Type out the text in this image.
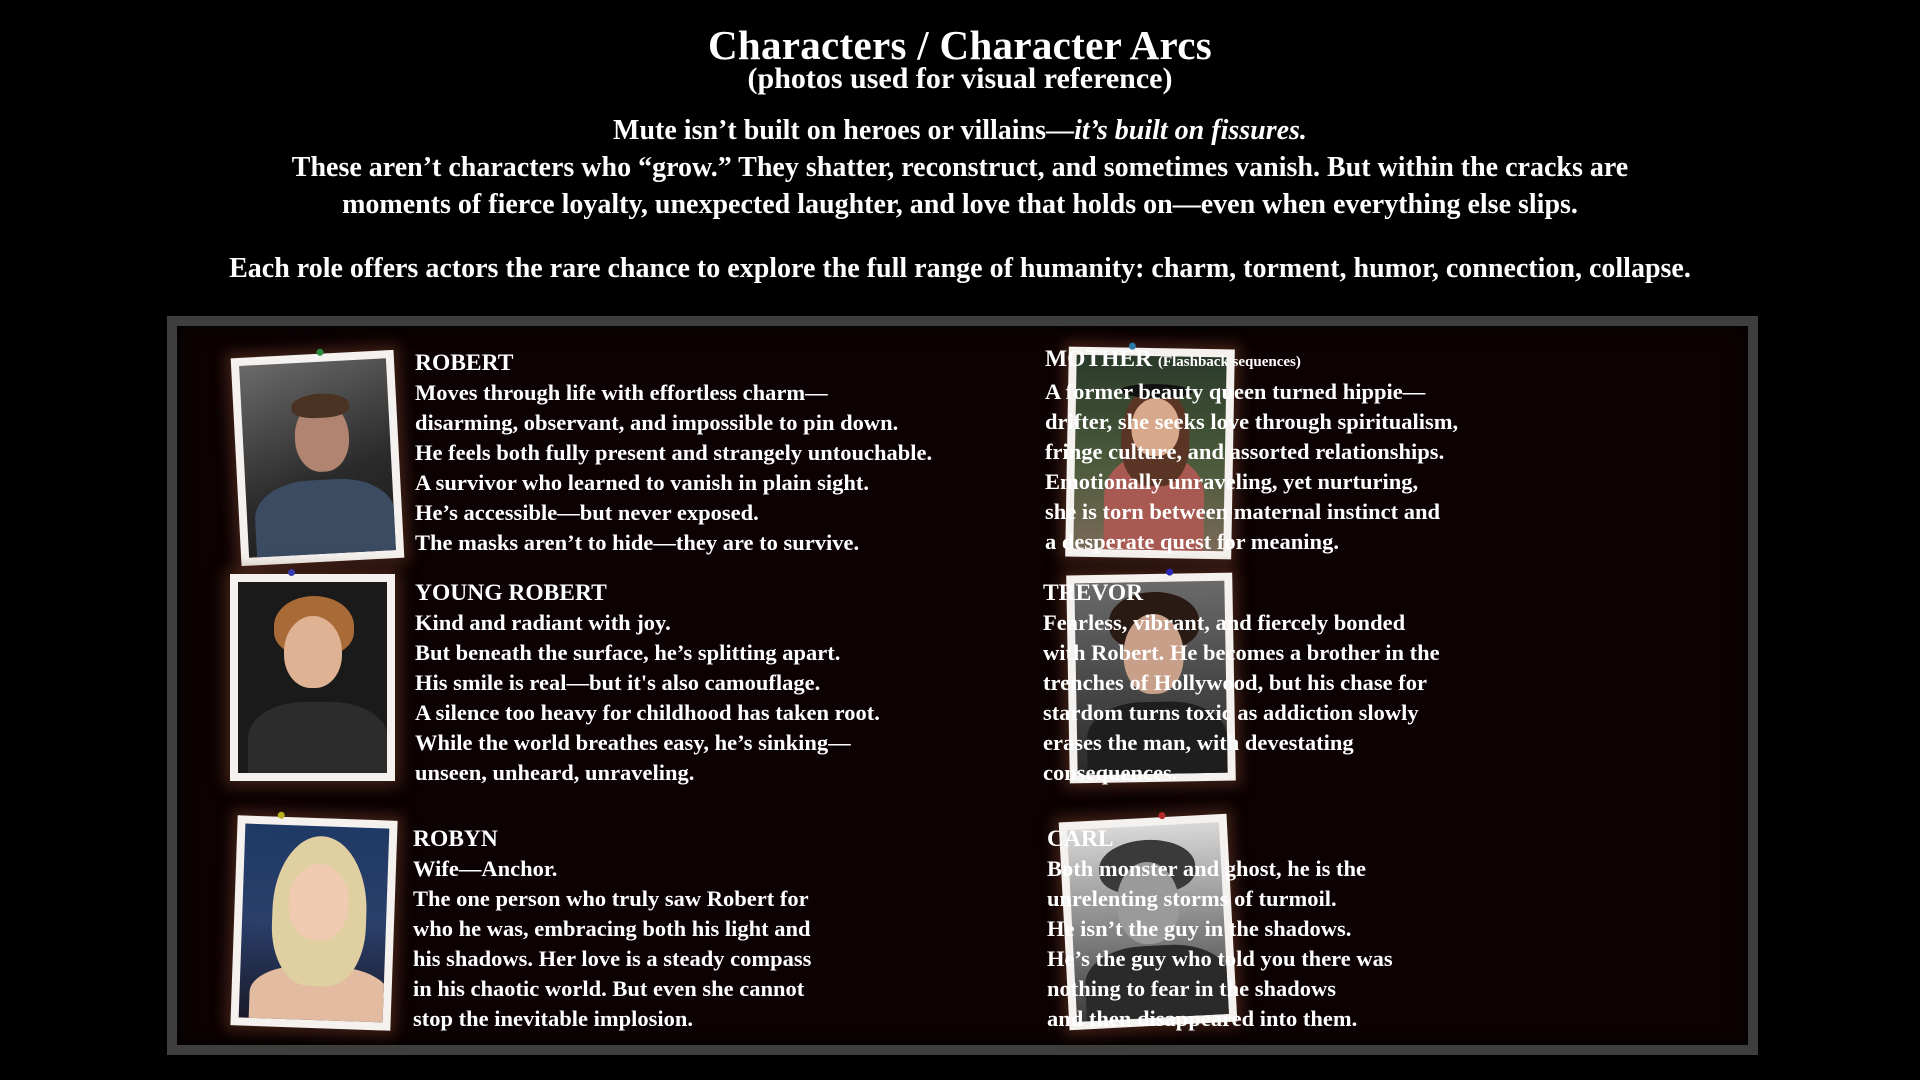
Characters / Character Arcs
(photos used for visual reference)
Mute isn’t built on heroes or villains—it’s built on fissures.
These aren’t characters who “grow.” They shatter, reconstruct, and sometimes vanish. But within the cracks are
moments of fierce loyalty, unexpected laughter, and love that holds on—even when everything else slips.
Each role offers actors the rare chance to explore the full range of humanity: charm, torment, humor, connection, collapse.
ROBERT
Moves through life with effortless charm—
disarming, observant, and impossible to pin down.
He feels both fully present and strangely untouchable.
A survivor who learned to vanish in plain sight.
He’s accessible—but never exposed.
The masks aren’t to hide—they are to survive.
YOUNG ROBERT
Kind and radiant with joy.
But beneath the surface, he’s splitting apart.
His smile is real—but it's also camouflage.
A silence too heavy for childhood has taken root.
While the world breathes easy, he’s sinking—
unseen, unheard, unraveling.
ROBYN
Wife—Anchor.
The one person who truly saw Robert for
who he was, embracing both his light and
his shadows. Her love is a steady compass
in his chaotic world. But even she cannot
stop the inevitable implosion.
MOTHER (Flashback sequences)
A former beauty queen turned hippie—
drifter, she seeks love through spiritualism,
fringe culture, and assorted relationships.
Emotionally unraveling, yet nurturing,
she is torn between maternal instinct and
a desperate quest for meaning.
TREVOR
Fearless, vibrant, and fiercely bonded
with Robert. He becomes a brother in the
trenches of Hollywood, but his chase for
stardom turns toxic as addiction slowly
erases the man, with devestating
consequences.
CARL
Both monster and ghost, he is the
unrelenting storms of turmoil.
He isn’t the guy in the shadows.
He’s the guy who told you there was
nothing to fear in the shadows
and then disappeared into them.
